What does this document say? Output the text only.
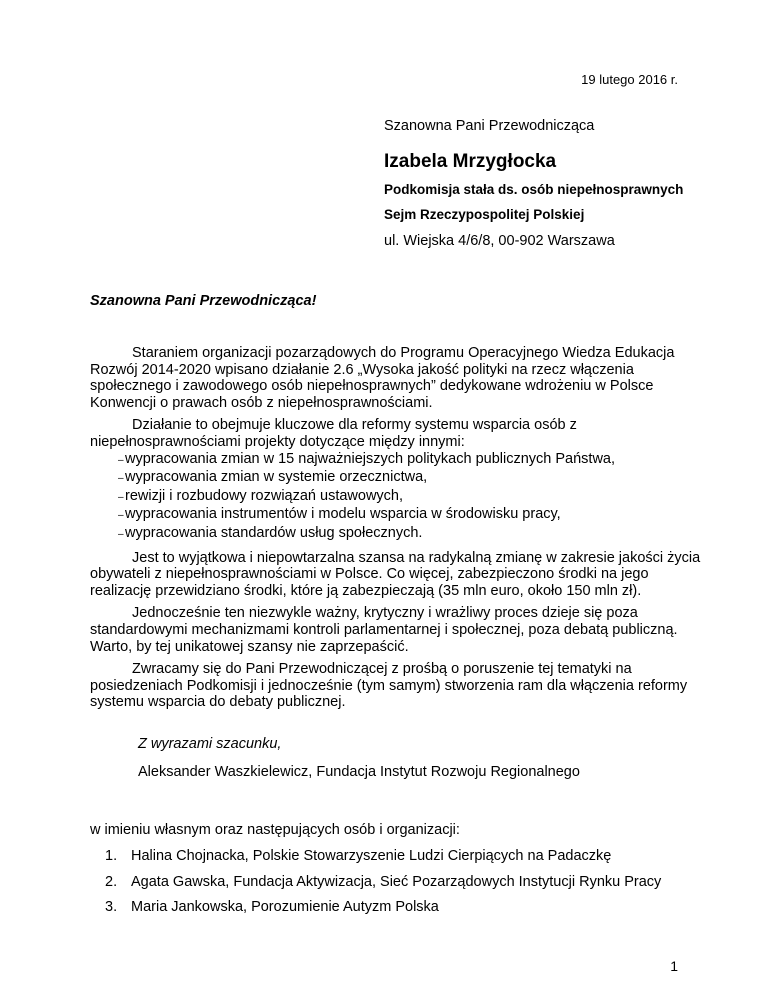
19 lutego 2016 r.
Szanowna Pani Przewodnicząca
Izabela Mrzygłocka
Podkomisja stała ds. osób niepełnosprawnych
Sejm Rzeczypospolitej Polskiej
ul. Wiejska 4/6/8, 00-902 Warszawa
Szanowna Pani Przewodnicząca!

Staraniem organizacji pozarządowych do Programu Operacyjnego Wiedza Edukacja Rozwój 2014-2020 wpisano działanie 2.6 „Wysoka jakość polityki na rzecz włączenia społecznego i zawodowego osób niepełnosprawnych” dedykowane wdrożeniu w Polsce Konwencji o prawach osób z niepełnosprawnościami.

Działanie to obejmuje kluczowe dla reformy systemu wsparcia osób z niepełnosprawnościami projekty dotyczące między innymi:

–wypracowania zmian w 15 najważniejszych politykach publicznych Państwa,
–wypracowania zmian w systemie orzecznictwa,
–rewizji i rozbudowy rozwiązań ustawowych,
–wypracowania instrumentów i modelu wsparcia w środowisku pracy,
–wypracowania standardów usług społecznych.

Jest to wyjątkowa i niepowtarzalna szansa na radykalną zmianę w zakresie jakości życia obywateli z niepełnosprawnościami w Polsce. Co więcej, zabezpieczono środki na jego realizację przewidziano środki, które ją zabezpieczają (35 mln euro, około 150 mln zł).

Jednocześnie ten niezwykle ważny, krytyczny i wrażliwy proces dzieje się poza standardowymi mechanizmami kontroli parlamentarnej i społecznej, poza debatą publiczną. Warto, by tej unikatowej szansy nie zaprzepaścić.

Zwracamy się do Pani Przewodniczącej z prośbą o poruszenie tej tematyki na posiedzeniach Podkomisji i jednocześnie (tym samym) stworzenia ram dla włączenia reformy systemu wsparcia do debaty publicznej.

Z wyrazami szacunku,
Aleksander Waszkielewicz, Fundacja Instytut Rozwoju Regionalnego
w imieniu własnym oraz następujących osób i organizacji:
1. Halina Chojnacka, Polskie Stowarzyszenie Ludzi Cierpiących na Padaczkę
2. Agata Gawska, Fundacja Aktywizacja, Sieć Pozarządowych Instytucji Rynku Pracy
3. Maria Jankowska, Porozumienie Autyzm Polska
1
